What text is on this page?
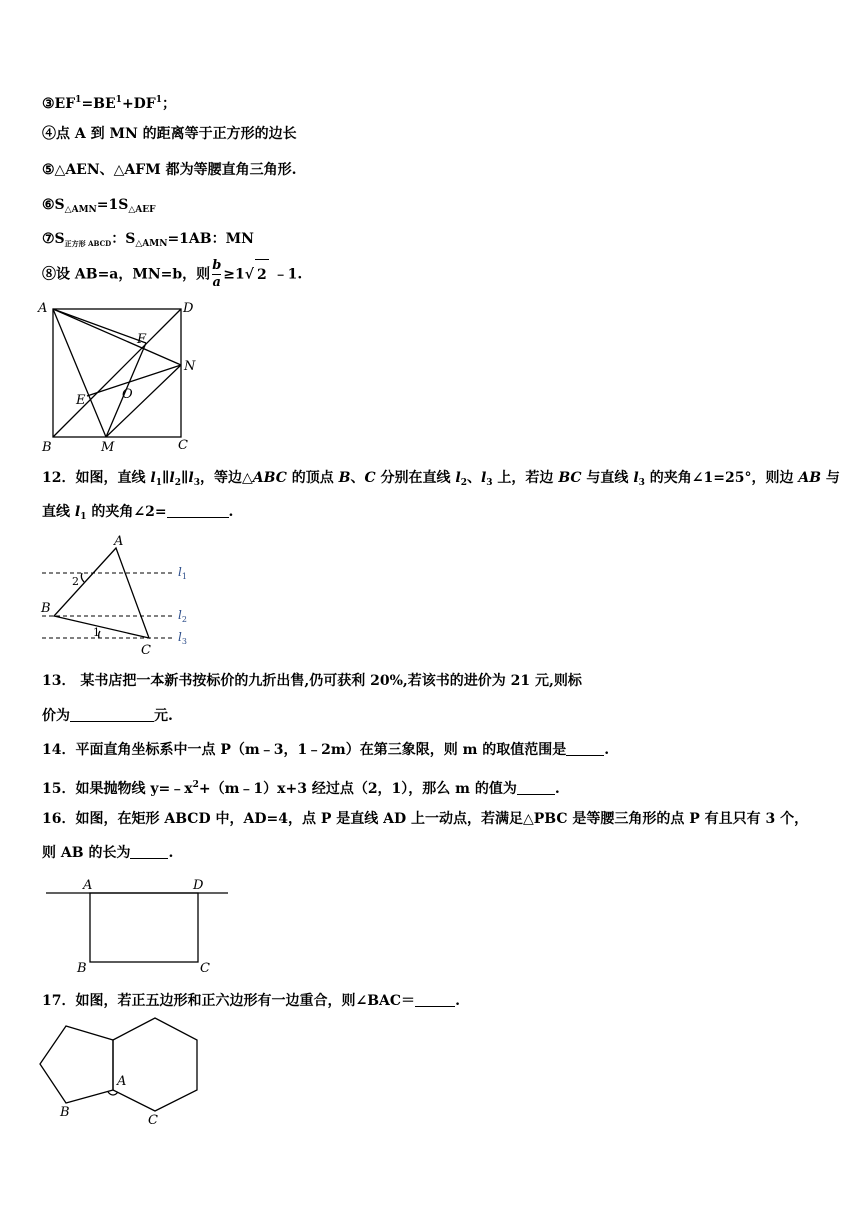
$③EF^1=BE^1+DF^1$；
④点 A 到 MN 的距离等于正方形的边长
⑤△AEN、△AFM 都为等腰直角三角形.
$⑥S_{\triangle AMN}=1S_{\triangle AEF}$
$⑦S_{正方形 ABCD}$：$S_{\triangle AMN}=1AB$：MN
⑧设 AB=a，MN=b，则 $\frac{b}{a} \ge 1√$ 2 ﹣1.
A	D
F
N
E	O
B	M	C
12．如图，直线 $l_1\parallel l_2\parallel l_3$，等边△ABC 的顶点 B、C 分别在直线 $l_2$、$l_3$ 上，若边 BC 与直线 $l_3$ 的夹角∠1=25°，则边 AB 与
直线 $l_1$ 的夹角∠2=	.
A
B
C
2
1
$l_1$
$l_2$
$l_3$
13． 某书店把一本新书按标价的九折出售,仍可获利 20%,若该书的进价为 21 元,则标
价为	元.
14．平面直角坐标系中一点 P（m﹣3，1﹣2m）在第三象限，则 m 的取值范围是	.
15．如果抛物线 $y=﹣x^2+(m﹣1)x+3$ 经过点（2，1），那么 m 的值为	.
16．如图，在矩形 ABCD 中，AD=4，点 P 是直线 AD 上一动点，若满足△PBC 是等腰三角形的点 P 有且只有 3 个，
则 AB 的长为	.
A	D
B	C
17．如图，若正五边形和正六边形有一边重合，则∠BAC＝	.
A
B
C
